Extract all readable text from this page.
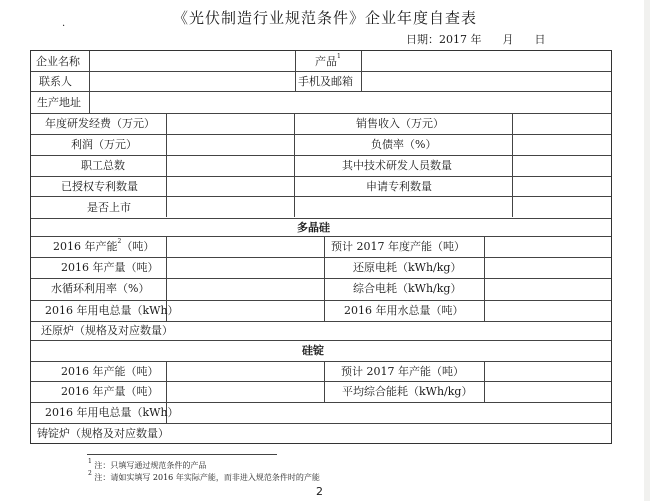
.	《光伏制造行业规范条件》企业年度自查表
日期：2017 年      月      日
企业名称	产品$^1$
联系人	手机及邮箱
生产地址
年度研发经费（万元）	销售收入（万元）
利润（万元）	负债率（%）
职工总数	其中技术研发人员数量
已授权专利数量	申请专利数量
是否上市
多晶硅
2016 年产能$^2$（吨）	预计 2017 年度产能（吨）
2016 年产量（吨）	还原电耗（kWh/kg）
水循环利用率（%）	综合电耗（kWh/kg）
2016 年用电总量（kWh）	2016 年用水总量（吨）
还原炉（规格及对应数量）
硅锭
2016 年产能（吨）	预计 2017 年产能（吨）
2016 年产量（吨）	平均综合能耗（kWh/kg）
2016 年用电总量（kWh）
铸锭炉（规格及对应数量）
$^1$ 注：只填写通过规范条件的产品
$^2$ 注：请如实填写 2016 年实际产能，而非进入规范条件时的产能
2
